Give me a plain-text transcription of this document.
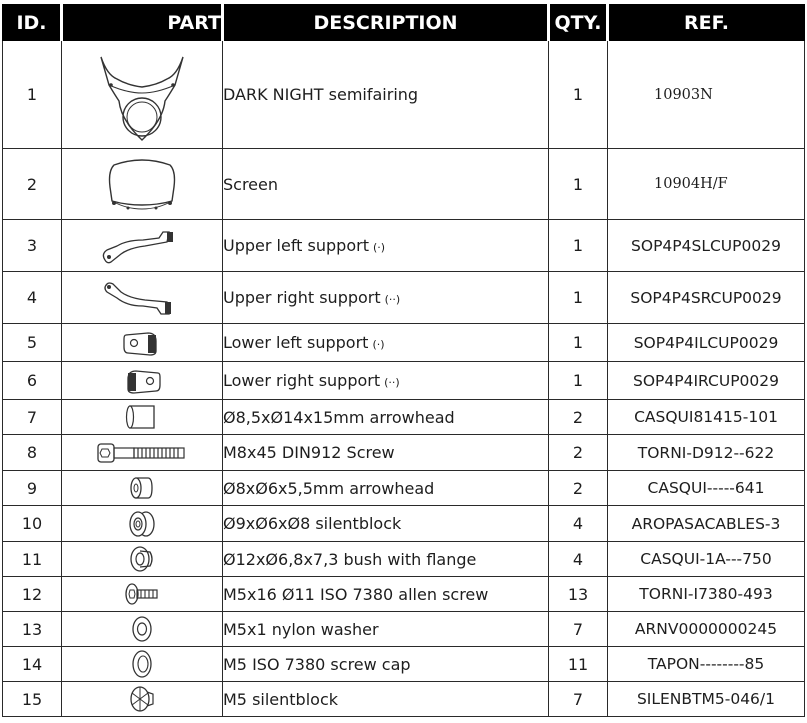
ID.	PART	DESCRIPTION	QTY.	REF.
1		DARK NIGHT semifairing	1	10903N
2		Screen	1	10904H/F
3		Upper left support (·)	1	SOP4P4SLCUP0029
4		Upper right support (··)	1	SOP4P4SRCUP0029
5		Lower left support (·)	1	SOP4P4ILCUP0029
6		Lower right support (··)	1	SOP4P4IRCUP0029
7		Ø8,5xØ14x15mm arrowhead	2	CASQUI81415-101
8		M8x45 DIN912 Screw	2	TORNI-D912--622
9		Ø8xØ6x5,5mm arrowhead	2	CASQUI-----641
10		Ø9xØ6xØ8 silentblock	4	AROPASACABLES-3
11		Ø12xØ6,8x7,3 bush with flange	4	CASQUI-1A---750
12		M5x16 Ø11 ISO 7380 allen screw	13	TORNI-I7380-493
13		M5x1 nylon washer	7	ARNV0000000245
14		M5 ISO 7380 screw cap	11	TAPON--------85
15		M5 silentblock	7	SILENBTM5-046/1
